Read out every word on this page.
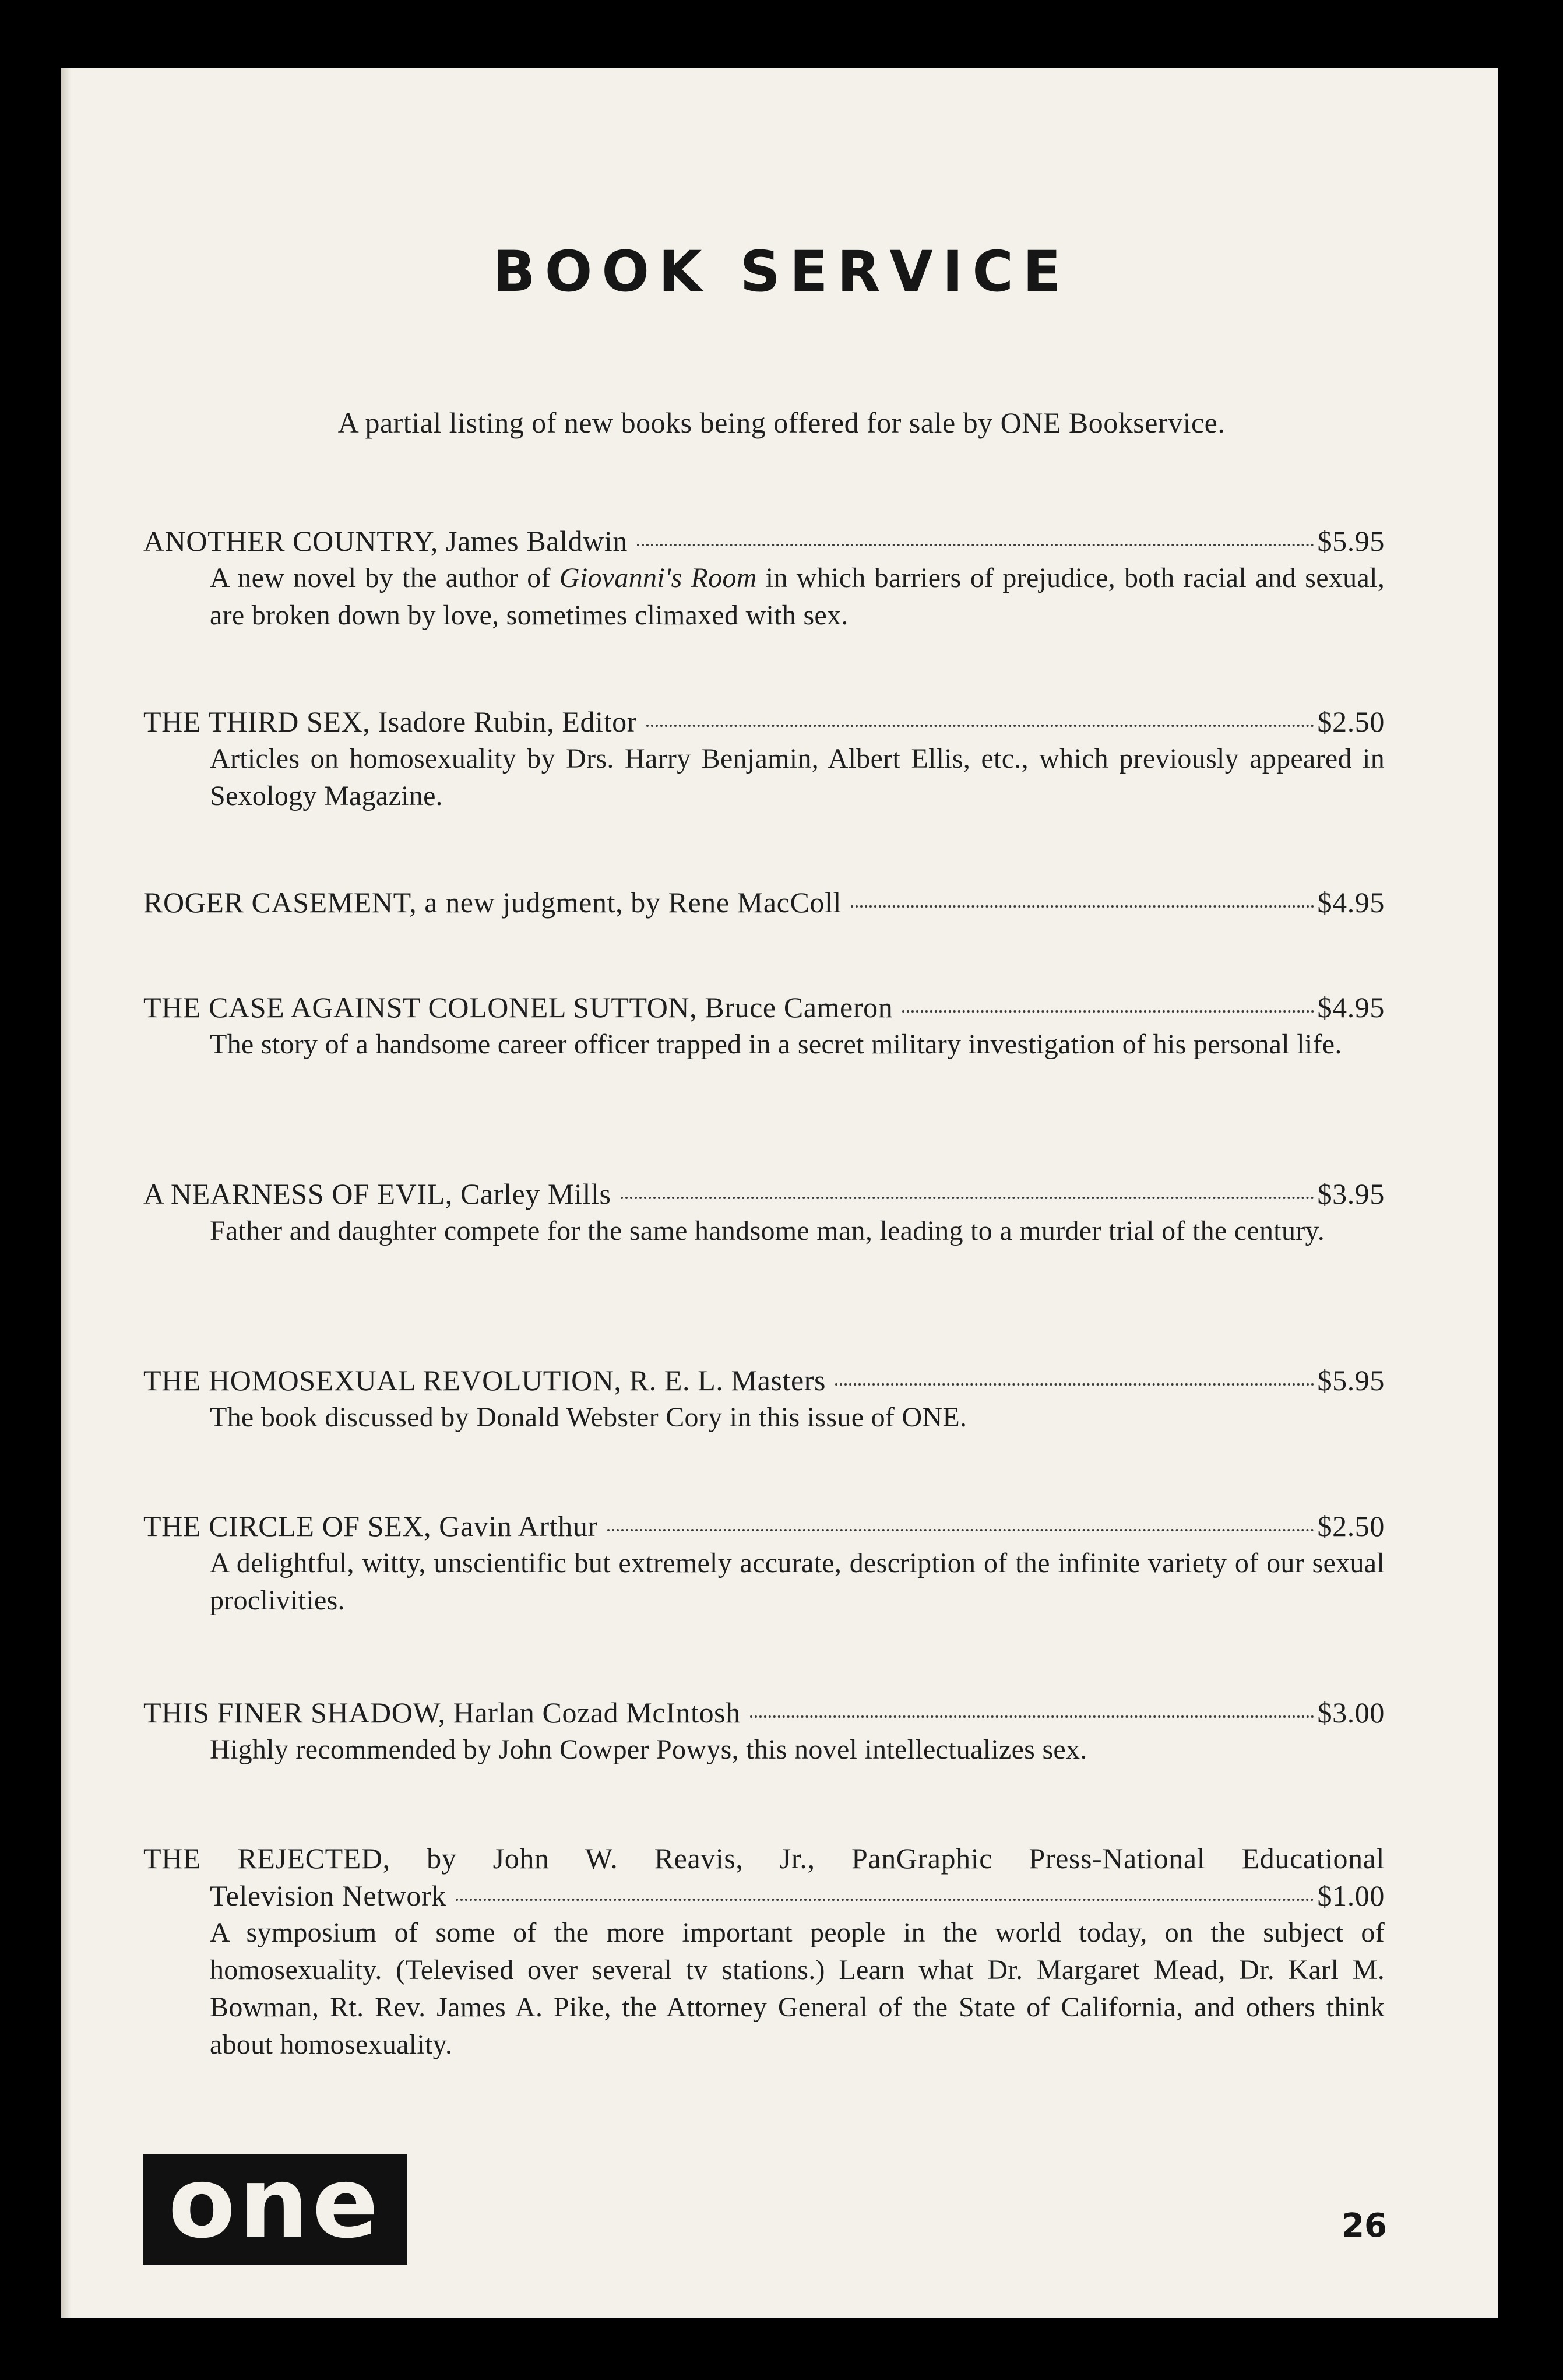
BOOK SERVICE
A partial listing of new books being offered for sale by ONE Bookservice.
ANOTHER COUNTRY, James Baldwin	$5.95
A new novel by the author of Giovanni's Room in which barriers of prejudice, both racial and sexual, are broken down by love, sometimes climaxed with sex.
THE THIRD SEX, Isadore Rubin, Editor	$2.50
Articles on homosexuality by Drs. Harry Benjamin, Albert Ellis, etc., which previously appeared in Sexology Magazine.
ROGER CASEMENT, a new judgment, by Rene MacColl	$4.95
THE CASE AGAINST COLONEL SUTTON, Bruce Cameron	$4.95
The story of a handsome career officer trapped in a secret military investigation of his personal life.
A NEARNESS OF EVIL, Carley Mills	$3.95
Father and daughter compete for the same handsome man, leading to a murder trial of the century.
THE HOMOSEXUAL REVOLUTION, R. E. L. Masters	$5.95
The book discussed by Donald Webster Cory in this issue of ONE.
THE CIRCLE OF SEX, Gavin Arthur	$2.50
A delightful, witty, unscientific but extremely accurate, description of the infinite variety of our sexual proclivities.
THIS FINER SHADOW, Harlan Cozad McIntosh	$3.00
Highly recommended by John Cowper Powys, this novel intellectualizes sex.
THE REJECTED, by John W. Reavis, Jr., PanGraphic Press-National Educational
Television Network	$1.00
A symposium of some of the more important people in the world today, on the subject of homosexuality. (Televised over several tv stations.) Learn what Dr. Margaret Mead, Dr. Karl M. Bowman, Rt. Rev. James A. Pike, the Attorney General of the State of California, and others think about homosexuality.
one	26
